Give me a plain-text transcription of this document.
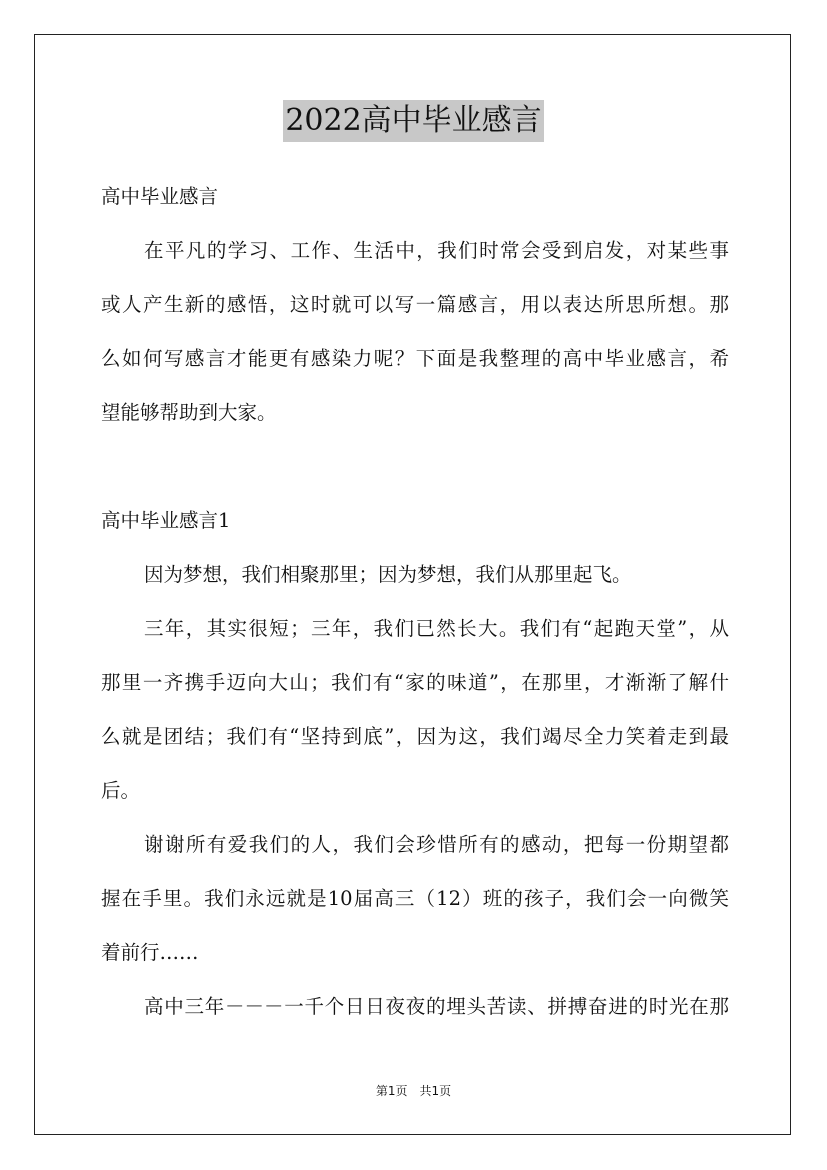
2022高中毕业感言
高中毕业感言
在平凡的学习、工作、生活中，我们时常会受到启发，对某些事
或人产生新的感悟，这时就可以写一篇感言，用以表达所思所想。那
么如何写感言才能更有感染力呢？下面是我整理的高中毕业感言，希
望能够帮助到大家。
高中毕业感言1
因为梦想，我们相聚那里；因为梦想，我们从那里起飞。
三年，其实很短；三年，我们已然长大。我们有“起跑天堂”，从
那里一齐携手迈向大山；我们有“家的味道”，在那里，才渐渐了解什
么就是团结；我们有“坚持到底”，因为这，我们竭尽全力笑着走到最
后。
谢谢所有爱我们的人，我们会珍惜所有的感动，把每一份期望都
握在手里。我们永远就是10届高三（12）班的孩子，我们会一向微笑
着前行……
高中三年－－－一千个日日夜夜的埋头苦读、拼搏奋进的时光在那
第1页　共1页
